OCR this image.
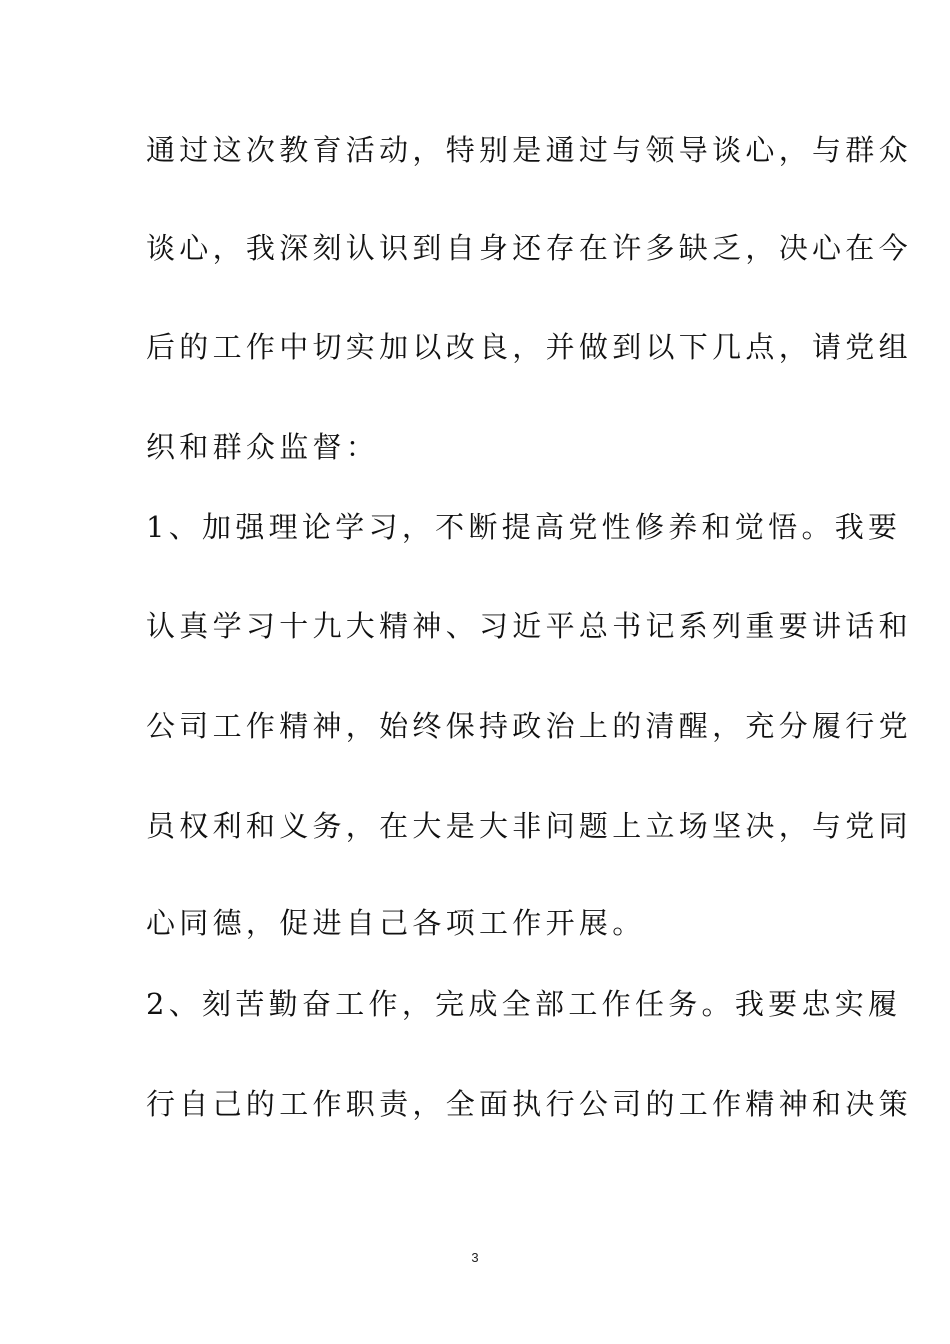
通过这次教育活动，特别是通过与领导谈心，与群众
谈心，我深刻认识到自身还存在许多缺乏，决心在今
后的工作中切实加以改良，并做到以下几点，请党组
织和群众监督：
1、加强理论学习，不断提高党性修养和觉悟。我要
认真学习十九大精神、习近平总书记系列重要讲话和
公司工作精神，始终保持政治上的清醒，充分履行党
员权利和义务，在大是大非问题上立场坚决，与党同
心同德，促进自己各项工作开展。
2、刻苦勤奋工作，完成全部工作任务。我要忠实履
行自己的工作职责，全面执行公司的工作精神和决策
3
